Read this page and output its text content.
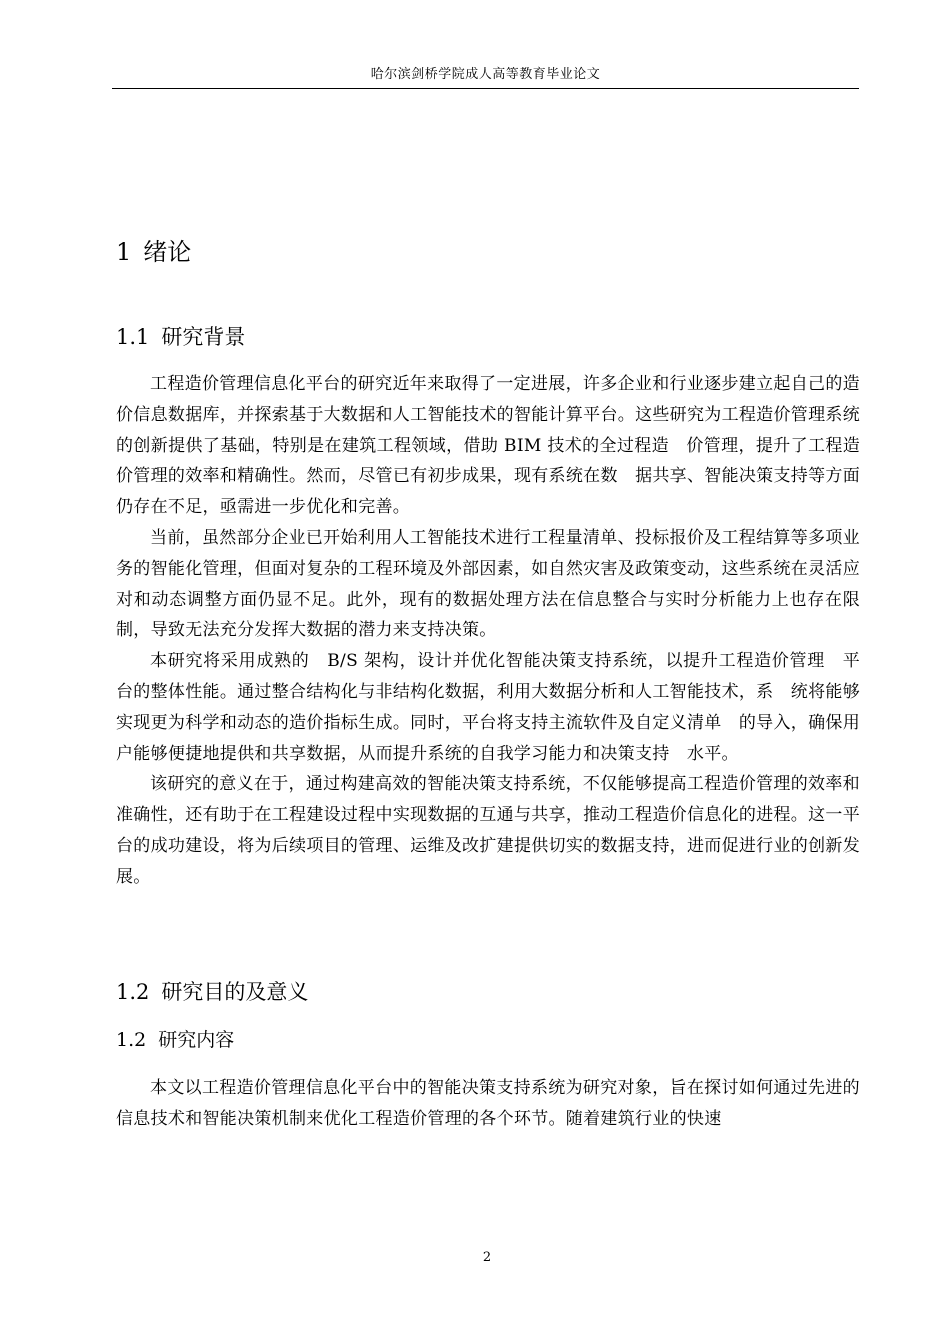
哈尔滨剑桥学院成人高等教育毕业论文
1 绪论
1.1 研究背景

工程造价管理信息化平台的研究近年来取得了一定进展，许多企业和行业逐步建立起自己的造价信息数据库，并探索基于大数据和人工智能技术的智能计算平台。这些研究为工程造价管理系统的创新提供了基础，特别是在建筑工程领域，借助 BIM 技术的全过程造　价管理，提升了工程造价管理的效率和精确性。然而，尽管已有初步成果，现有系统在数　据共享、智能决策支持等方面仍存在不足，亟需进一步优化和完善。

当前，虽然部分企业已开始利用人工智能技术进行工程量清单、投标报价及工程结算等多项业务的智能化管理，但面对复杂的工程环境及外部因素，如自然灾害及政策变动，这些系统在灵活应对和动态调整方面仍显不足。此外，现有的数据处理方法在信息整合与实时分析能力上也存在限制，导致无法充分发挥大数据的潜力来支持决策。

本研究将采用成熟的　B/S 架构，设计并优化智能决策支持系统，以提升工程造价管理　平台的整体性能。通过整合结构化与非结构化数据，利用大数据分析和人工智能技术，系　统将能够实现更为科学和动态的造价指标生成。同时，平台将支持主流软件及自定义清单　的导入，确保用户能够便捷地提供和共享数据，从而提升系统的自我学习能力和决策支持　水平。

该研究的意义在于，通过构建高效的智能决策支持系统，不仅能够提高工程造价管理的效率和准确性，还有助于在工程建设过程中实现数据的互通与共享，推动工程造价信息化的进程。这一平台的成功建设，将为后续项目的管理、运维及改扩建提供切实的数据支持，进而促进行业的创新发展。

1.2 研究目的及意义
1.2 研究内容

本文以工程造价管理信息化平台中的智能决策支持系统为研究对象，旨在探讨如何通过先进的信息技术和智能决策机制来优化工程造价管理的各个环节。随着建筑行业的快速

2
